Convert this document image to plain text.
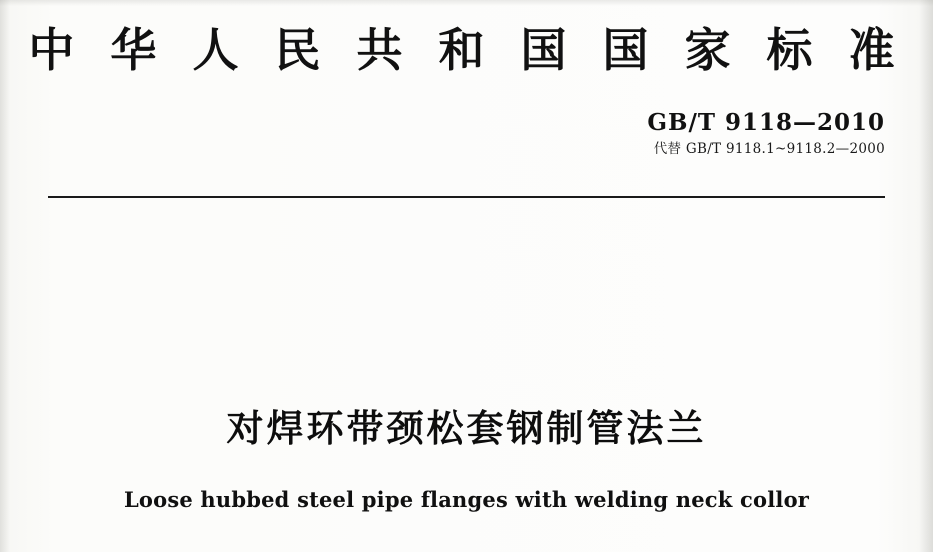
中 华 人 民 共 和 国 国 家 标 准
GB/T 9118—2010
代替 GB/T 9118.1~9118.2—2000
对焊环带颈松套钢制管法兰
Loose hubbed steel pipe flanges with welding neck collor
